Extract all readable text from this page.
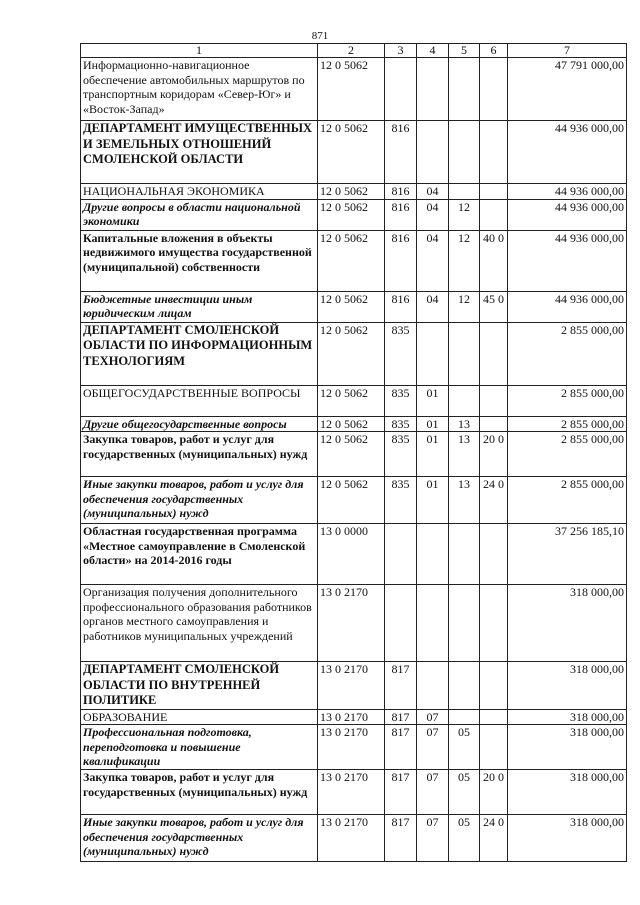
871
1	2	3	4	5	6	7
Информационно-навигационное обеспечение автомобильных маршрутов по транспортным коридорам «Север-Юг» и «Восток-Запад»	12 0 5062					47 791 000,00
ДЕПАРТАМЕНТ ИМУЩЕСТВЕННЫХ И ЗЕМЕЛЬНЫХ ОТНОШЕНИЙ СМОЛЕНСКОЙ ОБЛАСТИ	12 0 5062	816				44 936 000,00
НАЦИОНАЛЬНАЯ ЭКОНОМИКА	12 0 5062	816	04			44 936 000,00
Другие вопросы в области национальной экономики	12 0 5062	816	04	12		44 936 000,00
Капитальные вложения в объекты недвижимого имущества государственной (муниципальной) собственности	12 0 5062	816	04	12	40 0	44 936 000,00
Бюджетные инвестиции иным юридическим лицам	12 0 5062	816	04	12	45 0	44 936 000,00
ДЕПАРТАМЕНТ СМОЛЕНСКОЙ ОБЛАСТИ ПО ИНФОРМАЦИОННЫМ ТЕХНОЛОГИЯМ	12 0 5062	835				2 855 000,00
ОБЩЕГОСУДАРСТВЕННЫЕ ВОПРОСЫ	12 0 5062	835	01			2 855 000,00
Другие общегосударственные вопросы	12 0 5062	835	01	13		2 855 000,00
Закупка товаров, работ и услуг для государственных (муниципальных) нужд	12 0 5062	835	01	13	20 0	2 855 000,00
Иные закупки товаров, работ и услуг для обеспечения государственных (муниципальных) нужд	12 0 5062	835	01	13	24 0	2 855 000,00
Областная государственная программа «Местное самоуправление в Смоленской области» на 2014-2016 годы	13 0 0000					37 256 185,10
Организация получения дополнительного профессионального образования работников органов местного самоуправления и работников муниципальных учреждений	13 0 2170					318 000,00
ДЕПАРТАМЕНТ СМОЛЕНСКОЙ ОБЛАСТИ ПО ВНУТРЕННЕЙ ПОЛИТИКЕ	13 0 2170	817				318 000,00
ОБРАЗОВАНИЕ	13 0 2170	817	07			318 000,00
Профессиональная подготовка, переподготовка и повышение квалификации	13 0 2170	817	07	05		318 000,00
Закупка товаров, работ и услуг для государственных (муниципальных) нужд	13 0 2170	817	07	05	20 0	318 000,00
Иные закупки товаров, работ и услуг для обеспечения государственных (муниципальных) нужд	13 0 2170	817	07	05	24 0	318 000,00
